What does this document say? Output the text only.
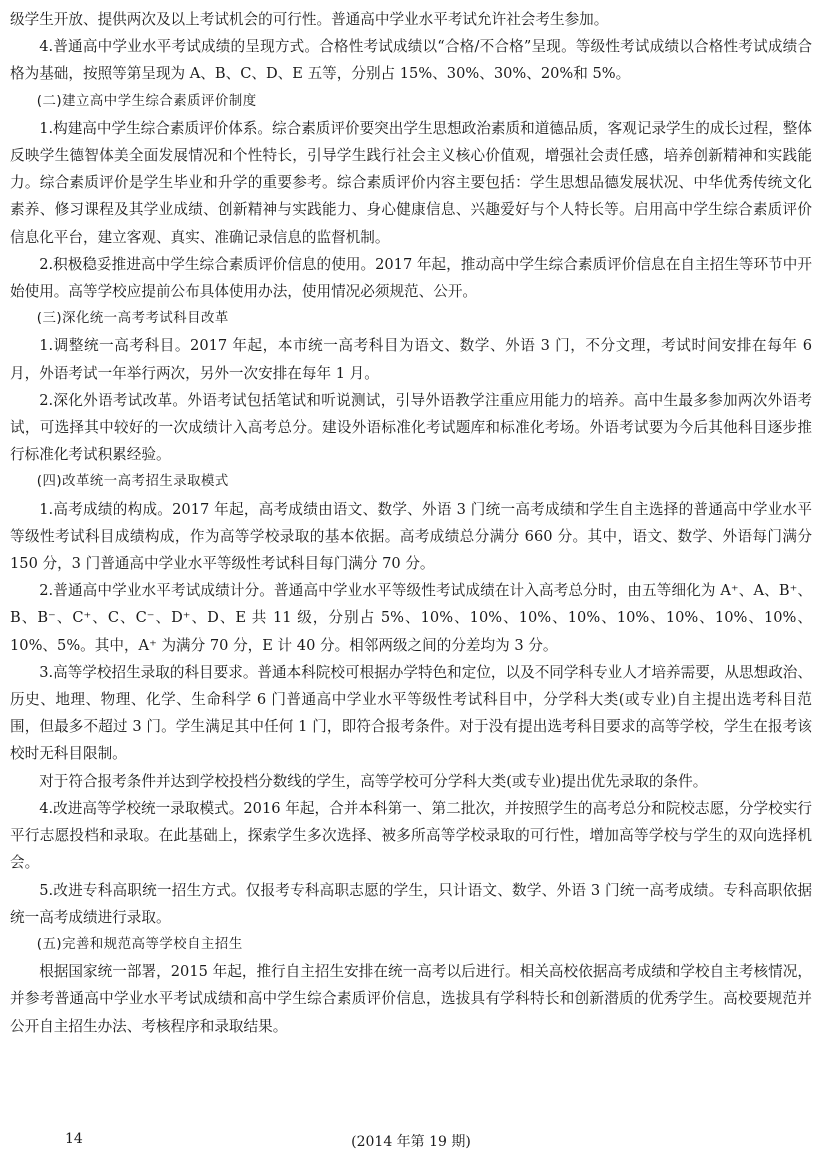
级学生开放、提供两次及以上考试机会的可行性。普通高中学业水平考试允许社会考生参加。

4.普通高中学业水平考试成绩的呈现方式。合格性考试成绩以“合格/不合格”呈现。等级性考试成绩以合格性考试成绩合格为基础，按照等第呈现为 A、B、C、D、E 五等，分别占 15%、30%、30%、20%和 5%。

(二)建立高中学生综合素质评价制度

1.构建高中学生综合素质评价体系。综合素质评价要突出学生思想政治素质和道德品质，客观记录学生的成长过程，整体反映学生德智体美全面发展情况和个性特长，引导学生践行社会主义核心价值观，增强社会责任感，培养创新精神和实践能力。综合素质评价是学生毕业和升学的重要参考。综合素质评价内容主要包括：学生思想品德发展状况、中华优秀传统文化素养、修习课程及其学业成绩、创新精神与实践能力、身心健康信息、兴趣爱好与个人特长等。启用高中学生综合素质评价信息化平台，建立客观、真实、准确记录信息的监督机制。

2.积极稳妥推进高中学生综合素质评价信息的使用。2017 年起，推动高中学生综合素质评价信息在自主招生等环节中开始使用。高等学校应提前公布具体使用办法，使用情况必须规范、公开。

(三)深化统一高考考试科目改革

1.调整统一高考科目。2017 年起，本市统一高考科目为语文、数学、外语 3 门，不分文理，考试时间安排在每年 6 月，外语考试一年举行两次，另外一次安排在每年 1 月。

2.深化外语考试改革。外语考试包括笔试和听说测试，引导外语教学注重应用能力的培养。高中生最多参加两次外语考试，可选择其中较好的一次成绩计入高考总分。建设外语标准化考试题库和标准化考场。外语考试要为今后其他科目逐步推行标准化考试积累经验。

(四)改革统一高考招生录取模式

1.高考成绩的构成。2017 年起，高考成绩由语文、数学、外语 3 门统一高考成绩和学生自主选择的普通高中学业水平等级性考试科目成绩构成，作为高等学校录取的基本依据。高考成绩总分满分 660 分。其中，语文、数学、外语每门满分 150 分，3 门普通高中学业水平等级性考试科目每门满分 70 分。

2.普通高中学业水平考试成绩计分。普通高中学业水平等级性考试成绩在计入高考总分时，由五等细化为 A⁺、A、B⁺、B、B⁻、C⁺、C、C⁻、D⁺、D、E 共 11 级，分别占 5%、10%、10%、10%、10%、10%、10%、10%、10%、10%、5%。其中，A⁺ 为满分 70 分，E 计 40 分。相邻两级之间的分差均为 3 分。

3.高等学校招生录取的科目要求。普通本科院校可根据办学特色和定位，以及不同学科专业人才培养需要，从思想政治、历史、地理、物理、化学、生命科学 6 门普通高中学业水平等级性考试科目中，分学科大类(或专业)自主提出选考科目范围，但最多不超过 3 门。学生满足其中任何 1 门，即符合报考条件。对于没有提出选考科目要求的高等学校，学生在报考该校时无科目限制。

对于符合报考条件并达到学校投档分数线的学生，高等学校可分学科大类(或专业)提出优先录取的条件。

4.改进高等学校统一录取模式。2016 年起，合并本科第一、第二批次，并按照学生的高考总分和院校志愿，分学校实行平行志愿投档和录取。在此基础上，探索学生多次选择、被多所高等学校录取的可行性，增加高等学校与学生的双向选择机会。

5.改进专科高职统一招生方式。仅报考专科高职志愿的学生，只计语文、数学、外语 3 门统一高考成绩。专科高职依据统一高考成绩进行录取。

(五)完善和规范高等学校自主招生

根据国家统一部署，2015 年起，推行自主招生安排在统一高考以后进行。相关高校依据高考成绩和学校自主考核情况，并参考普通高中学业水平考试成绩和高中学生综合素质评价信息，选拔具有学科特长和创新潜质的优秀学生。高校要规范并公开自主招生办法、考核程序和录取结果。

14	(2014 年第 19 期)
